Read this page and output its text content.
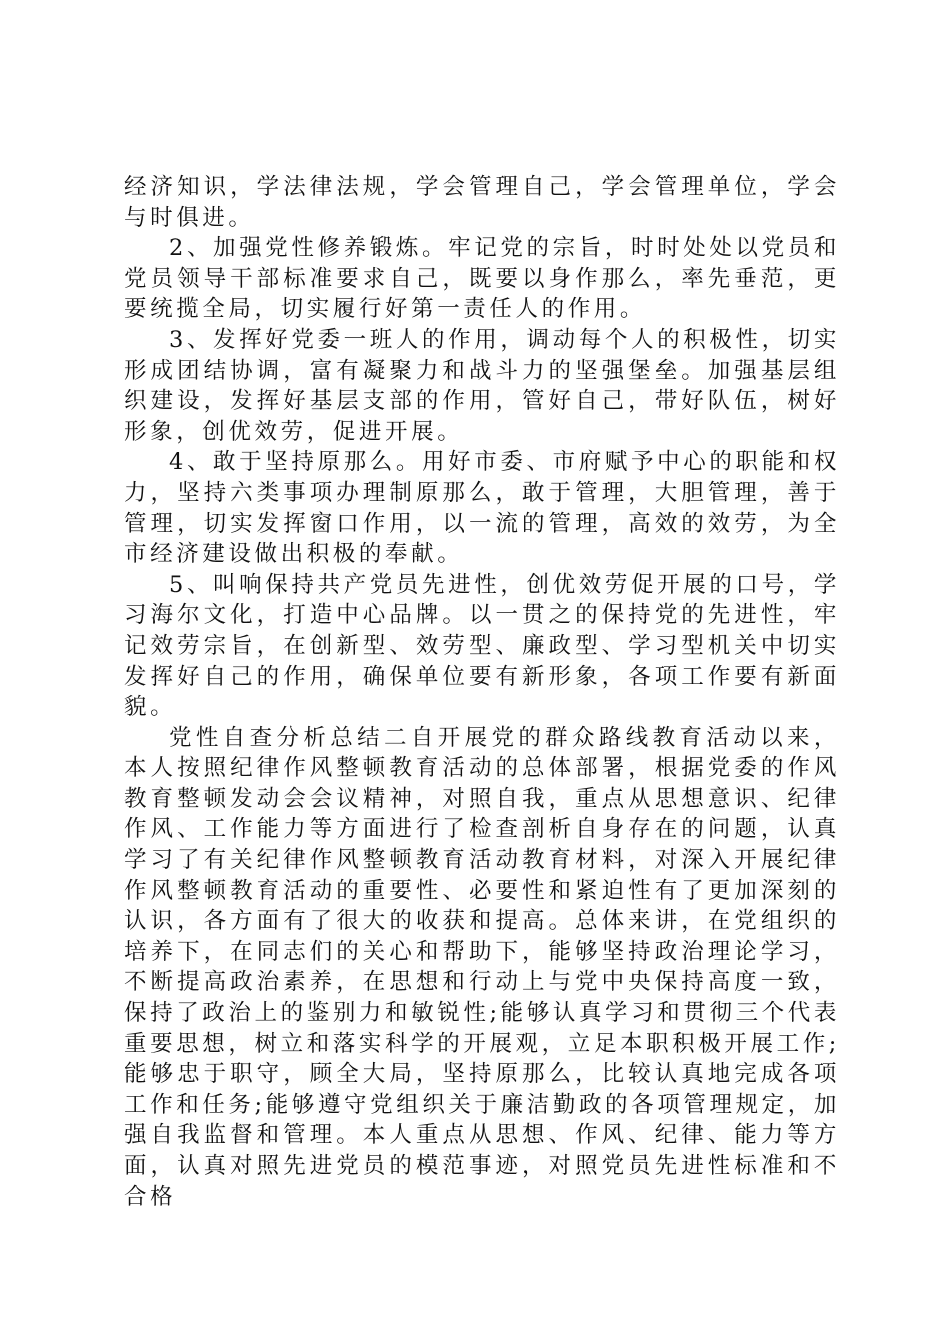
经济知识，学法律法规，学会管理自己，学会管理单位，学会与时俱进。

2、加强党性修养锻炼。牢记党的宗旨，时时处处以党员和党员领导干部标准要求自己，既要以身作那么，率先垂范，更要统揽全局，切实履行好第一责任人的作用。

3、发挥好党委一班人的作用，调动每个人的积极性，切实形成团结协调，富有凝聚力和战斗力的坚强堡垒。加强基层组织建设，发挥好基层支部的作用，管好自己，带好队伍，树好形象，创优效劳，促进开展。

4、敢于坚持原那么。用好市委、市府赋予中心的职能和权力，坚持六类事项办理制原那么，敢于管理，大胆管理，善于管理，切实发挥窗口作用，以一流的管理，高效的效劳，为全市经济建设做出积极的奉献。

5、叫响保持共产党员先进性，创优效劳促开展的口号，学习海尔文化，打造中心品牌。以一贯之的保持党的先进性，牢记效劳宗旨，在创新型、效劳型、廉政型、学习型机关中切实发挥好自己的作用，确保单位要有新形象，各项工作要有新面貌。

党性自查分析总结二自开展党的群众路线教育活动以来，本人按照纪律作风整顿教育活动的总体部署，根据党委的作风教育整顿发动会会议精神，对照自我，重点从思想意识、纪律作风、工作能力等方面进行了检查剖析自身存在的问题，认真学习了有关纪律作风整顿教育活动教育材料，对深入开展纪律作风整顿教育活动的重要性、必要性和紧迫性有了更加深刻的认识，各方面有了很大的收获和提高。总体来讲，在党组织的培养下，在同志们的关心和帮助下，能够坚持政治理论学习，不断提高政治素养，在思想和行动上与党中央保持高度一致，保持了政治上的鉴别力和敏锐性;能够认真学习和贯彻三个代表重要思想，树立和落实科学的开展观，立足本职积极开展工作;能够忠于职守，顾全大局，坚持原那么，比较认真地完成各项工作和任务;能够遵守党组织关于廉洁勤政的各项管理规定，加强自我监督和管理。本人重点从思想、作风、纪律、能力等方面，认真对照先进党员的模范事迹，对照党员先进性标准和不合格
